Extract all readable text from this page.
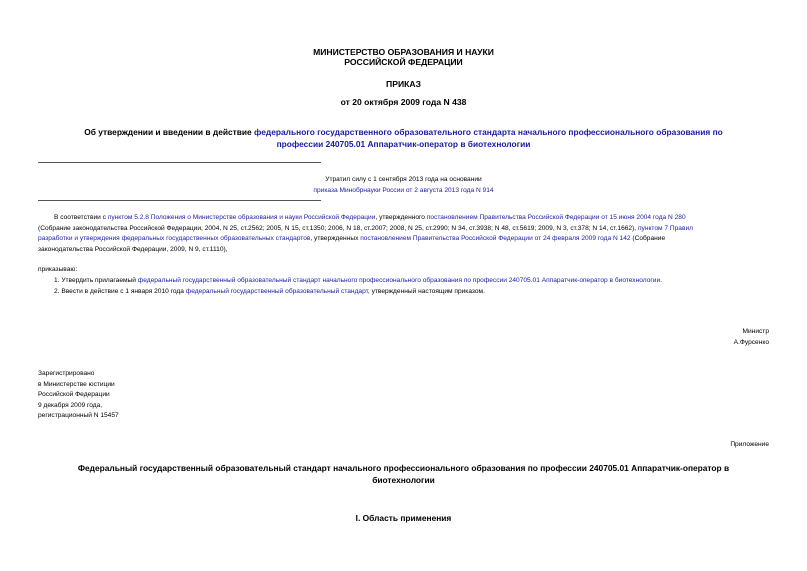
МИНИСТЕРСТВО ОБРАЗОВАНИЯ И НАУКИ
РОССИЙСКОЙ ФЕДЕРАЦИИ
ПРИКАЗ
от 20 октября 2009 года N 438
Об утверждении и введении в действие федерального государственного образовательного стандарта начального профессионального образования по
профессии 240705.01 Аппаратчик-оператор в биотехнологии
Утратил силу с 1 сентября 2013 года на основании
приказа Минобрнауки России от 2 августа 2013 года N 914
В соответствии с пунктом 5.2.8 Положения о Министерстве образования и науки Российской Федерации, утвержденного постановлением Правительства Российской Федерации от 15 июня 2004 года N 280
(Собрание законодательства Российской Федерации, 2004, N 25, ст.2562; 2005, N 15, ст.1350; 2006, N 18, ст.2007; 2008, N 25, ст.2990; N 34, ст.3938; N 48, ст.5619; 2009, N 3, ст.378; N 14, ст.1662), пунктом 7 Правил
разработки и утверждения федеральных государственных образовательных стандартов, утвержденных постановлением Правительства Российской Федерации от 24 февраля 2009 года N 142 (Собрание
законодательства Российской Федерации, 2009, N 9, ст.1110),
приказываю:
1. Утвердить прилагаемый федеральный государственный образовательный стандарт начального профессионального образования по профессии 240705.01 Аппаратчик-оператор в биотехнологии.
2. Ввести в действие с 1 января 2010 года федеральный государственный образовательный стандарт, утвержденный настоящим приказом.
Министр
А.Фурсенко
Зарегистрировано
в Министерстве юстиции
Российской Федерации
9 декабря 2009 года,
регистрационный N 15457
Приложение
Федеральный государственный образовательный стандарт начального профессионального образования по профессии 240705.01 Аппаратчик-оператор в
биотехнологии
I. Область применения
